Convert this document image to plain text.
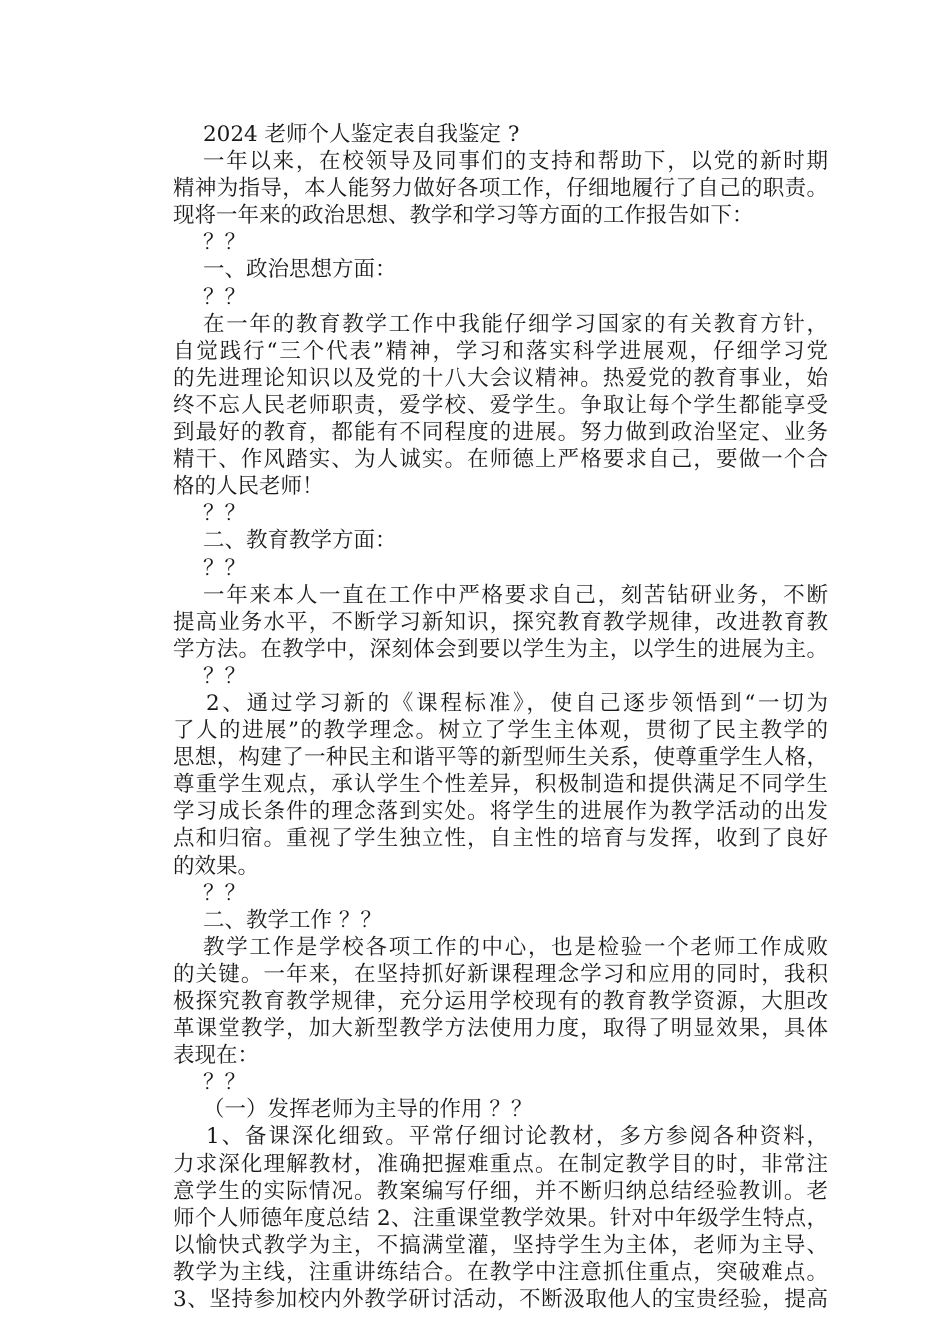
2024 老师个人鉴定表自我鉴定 ?
一年以来，在校领导及同事们的支持和帮助下，以党的新时期
精神为指导，本人能努力做好各项工作，仔细地履行了自己的职责。
现将一年来的政治思想、教学和学习等方面的工作报告如下：
？？
一、政治思想方面：
？？
在一年的教育教学工作中我能仔细学习国家的有关教育方针，
自觉践行“三个代表”精神，学习和落实科学进展观，仔细学习党
的先进理论知识以及党的十八大会议精神。热爱党的教育事业，始
终不忘人民老师职责，爱学校、爱学生。争取让每个学生都能享受
到最好的教育，都能有不同程度的进展。努力做到政治坚定、业务
精干、作风踏实、为人诚实。在师德上严格要求自己，要做一个合
格的人民老师！
？？
二、教育教学方面：
？？
一年来本人一直在工作中严格要求自己，刻苦钻研业务，不断
提高业务水平，不断学习新知识，探究教育教学规律，改进教育教
学方法。在教学中，深刻体会到要以学生为主，以学生的进展为主。
？？
2、通过学习新的《课程标准》，使自己逐步领悟到“一切为
了人的进展”的教学理念。树立了学生主体观，贯彻了民主教学的
思想，构建了一种民主和谐平等的新型师生关系，使尊重学生人格，
尊重学生观点，承认学生个性差异，积极制造和提供满足不同学生
学习成长条件的理念落到实处。将学生的进展作为教学活动的出发
点和归宿。重视了学生独立性，自主性的培育与发挥，收到了良好
的效果。
？？
二、教学工作 ？？
教学工作是学校各项工作的中心，也是检验一个老师工作成败
的关键。一年来，在坚持抓好新课程理念学习和应用的同时，我积
极探究教育教学规律，充分运用学校现有的教育教学资源，大胆改
革课堂教学，加大新型教学方法使用力度，取得了明显效果，具体
表现在：
？？
（一）发挥老师为主导的作用 ？？
1、备课深化细致。平常仔细讨论教材，多方参阅各种资料，
力求深化理解教材，准确把握难重点。在制定教学目的时，非常注
意学生的实际情况。教案编写仔细，并不断归纳总结经验教训。老
师个人师德年度总结 2、注重课堂教学效果。针对中年级学生特点，
以愉快式教学为主，不搞满堂灌，坚持学生为主体，老师为主导、
教学为主线，注重讲练结合。在教学中注意抓住重点，突破难点。
3、坚持参加校内外教学研讨活动，不断汲取他人的宝贵经验，提高
